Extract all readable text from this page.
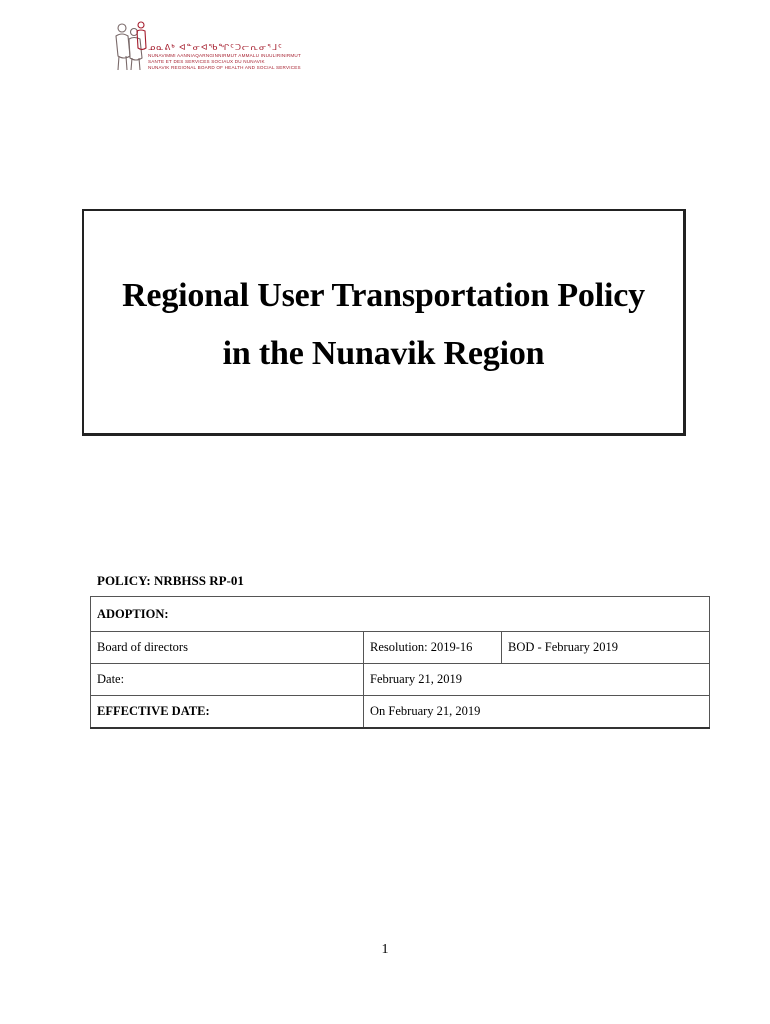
ᓄᓇᕕᒃ ᐊᓐᓂᐊᖃᖏᑦᑐᓕᕆᓂᕐᒧᑦ
NUNAVIMMI AANNIAQARNGINNIRMUT AMMALU INUULIRINIRMUT
SANTE ET DES SERVICES SOCIAUX DU NUNAVIK
NUNAVIK REGIONAL BOARD OF HEALTH AND SOCIAL SERVICES
Regional User Transportation Policy
in the Nunavik Region
POLICY: NRBHSS RP-01
ADOPTION:		
Board of directors	Resolution: 2019-16	BOD - February 2019
Date:	February 21, 2019	
EFFECTIVE DATE:	On February 21, 2019	
1
